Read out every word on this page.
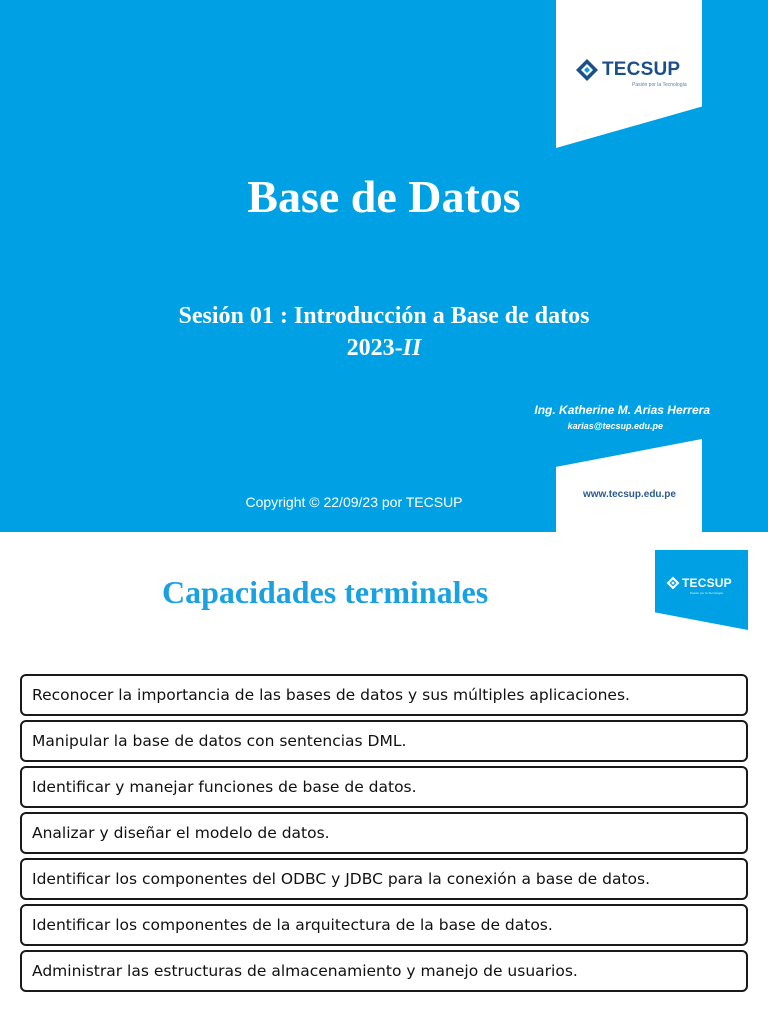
TECSUP
Pasión por la Tecnología
Base de Datos
Sesión 01 : Introducción a Base de datos
2023-II
Ing. Katherine M. Arias Herrera
karias@tecsup.edu.pe
www.tecsup.edu.pe
Copyright © 22/09/23 por TECSUP
TECSUP
Pasión por la Tecnología
Capacidades terminales
Reconocer la importancia de las bases de datos y sus múltiples aplicaciones.
Manipular la base de datos con sentencias DML.
Identificar y manejar funciones de base de datos.
Analizar y diseñar el modelo de datos.
Identificar los componentes del ODBC y JDBC para la conexión a base de datos.
Identificar los componentes de la arquitectura de la base de datos.
Administrar las estructuras de almacenamiento y manejo de usuarios.
